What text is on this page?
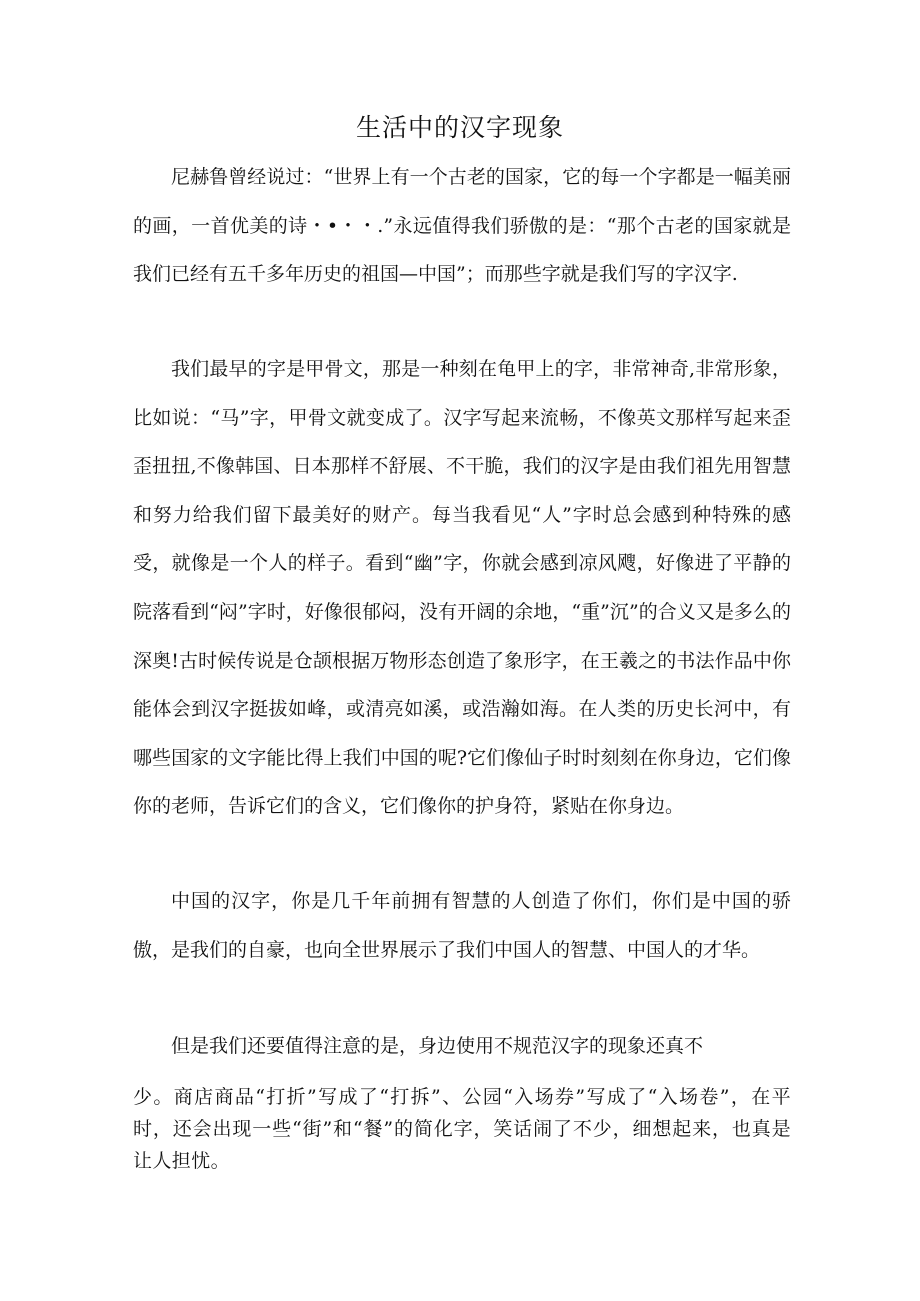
生活中的汉字现象

尼赫鲁曾经说过：“世界上有一个古老的国家，它的每一个字都是一幅美丽的画，一首优美的诗・•・・.”永远值得我们骄傲的是：“那个古老的国家就是我们已经有五千多年历史的祖国—中国”；而那些字就是我们写的字汉字.

我们最早的字是甲骨文，那是一种刻在龟甲上的字，非常神奇,非常形象，比如说：“马”字，甲骨文就变成了。汉字写起来流畅，不像英文那样写起来歪歪扭扭,不像韩国、日本那样不舒展、不干脆，我们的汉字是由我们祖先用智慧和努力给我们留下最美好的财产。每当我看见“人”字时总会感到种特殊的感受，就像是一个人的样子。看到“幽”字，你就会感到凉风飕，好像进了平静的院落看到“闷”字时，好像很郁闷，没有开阔的余地，“重”沉”的合义又是多么的深奥!古时候传说是仓颉根据万物形态创造了象形字，在王羲之的书法作品中你能体会到汉字挺拔如峰，或清亮如溪，或浩瀚如海。在人类的历史长河中，有哪些国家的文字能比得上我们中国的呢?它们像仙子时时刻刻在你身边，它们像你的老师，告诉它们的含义，它们像你的护身符，紧贴在你身边。

中国的汉字，你是几千年前拥有智慧的人创造了你们，你们是中国的骄傲，是我们的自豪，也向全世界展示了我们中国人的智慧、中国人的才华。

但是我们还要值得注意的是，身边使用不规范汉字的现象还真不

少。商店商品“打折”写成了“打拆”、公园“入场券”写成了“入场卷”，在平时，还会出现一些“街”和“餐”的简化字，笑话闹了不少，细想起来，也真是让人担忧。
